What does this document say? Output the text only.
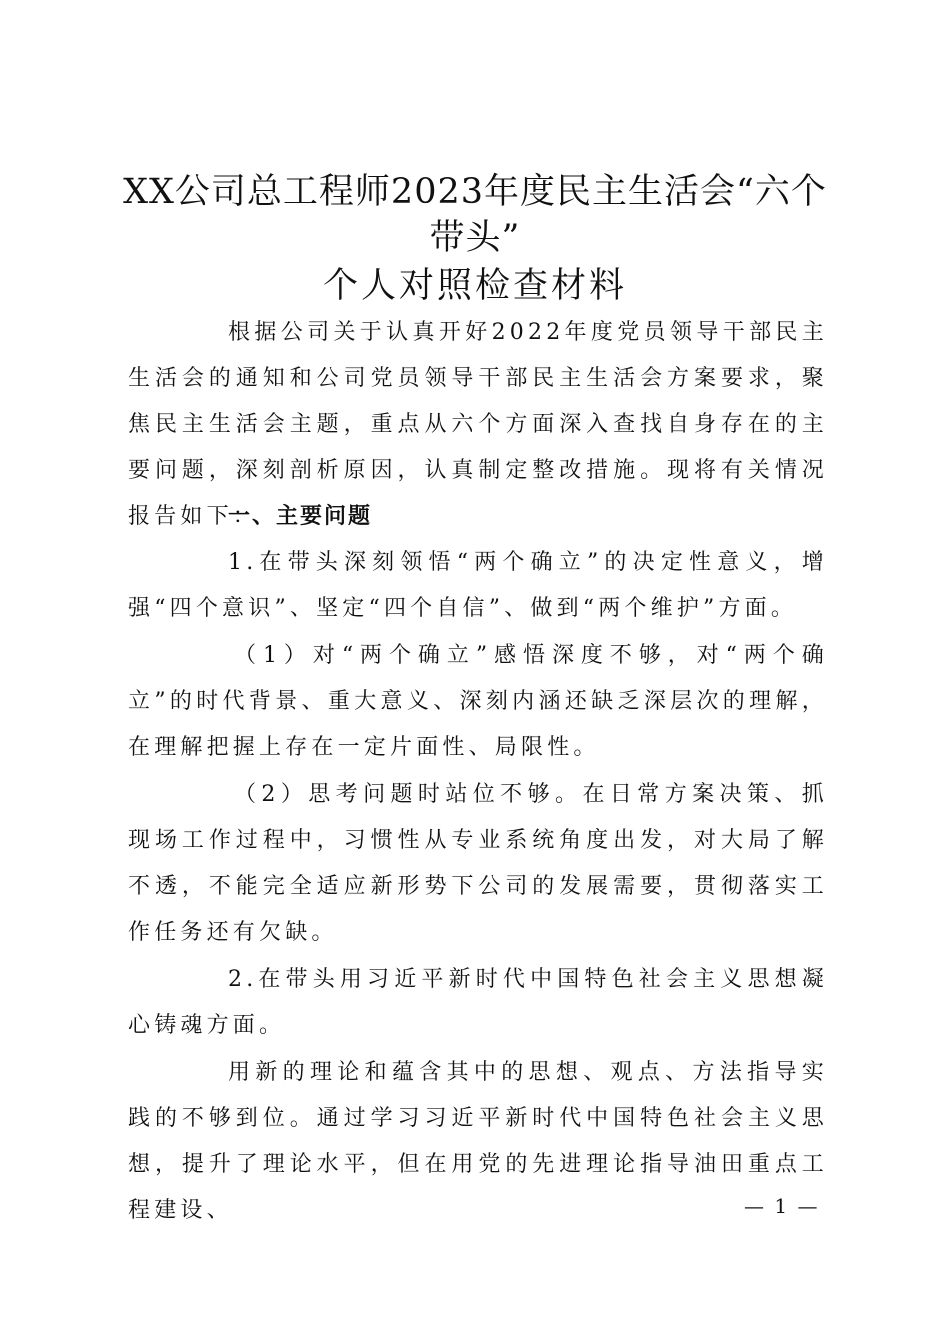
XX公司总工程师2023年度民主生活会“六个
带头”
个人对照检查材料

根据公司关于认真开好2022年度党员领导干部民主生活会的通知和公司党员领导干部民主生活会方案要求，聚焦民主生活会主题，重点从六个方面深入查找自身存在的主要问题，深刻剖析原因，认真制定整改措施。现将有关情况报告如下：

一、主要问题

1.在带头深刻领悟“两个确立”的决定性意义，增强“四个意识”、坚定“四个自信”、做到“两个维护”方面。

（1）对“两个确立”感悟深度不够，对“两个确立”的时代背景、重大意义、深刻内涵还缺乏深层次的理解，在理解把握上存在一定片面性、局限性。

（2）思考问题时站位不够。在日常方案决策、抓现场工作过程中，习惯性从专业系统角度出发，对大局了解不透，不能完全适应新形势下公司的发展需要，贯彻落实工作任务还有欠缺。

2.在带头用习近平新时代中国特色社会主义思想凝心铸魂方面。

用新的理论和蕴含其中的思想、观点、方法指导实践的不够到位。通过学习习近平新时代中国特色社会主义思想，提升了理论水平，但在用党的先进理论指导油田重点工程建设、	— 1 —
